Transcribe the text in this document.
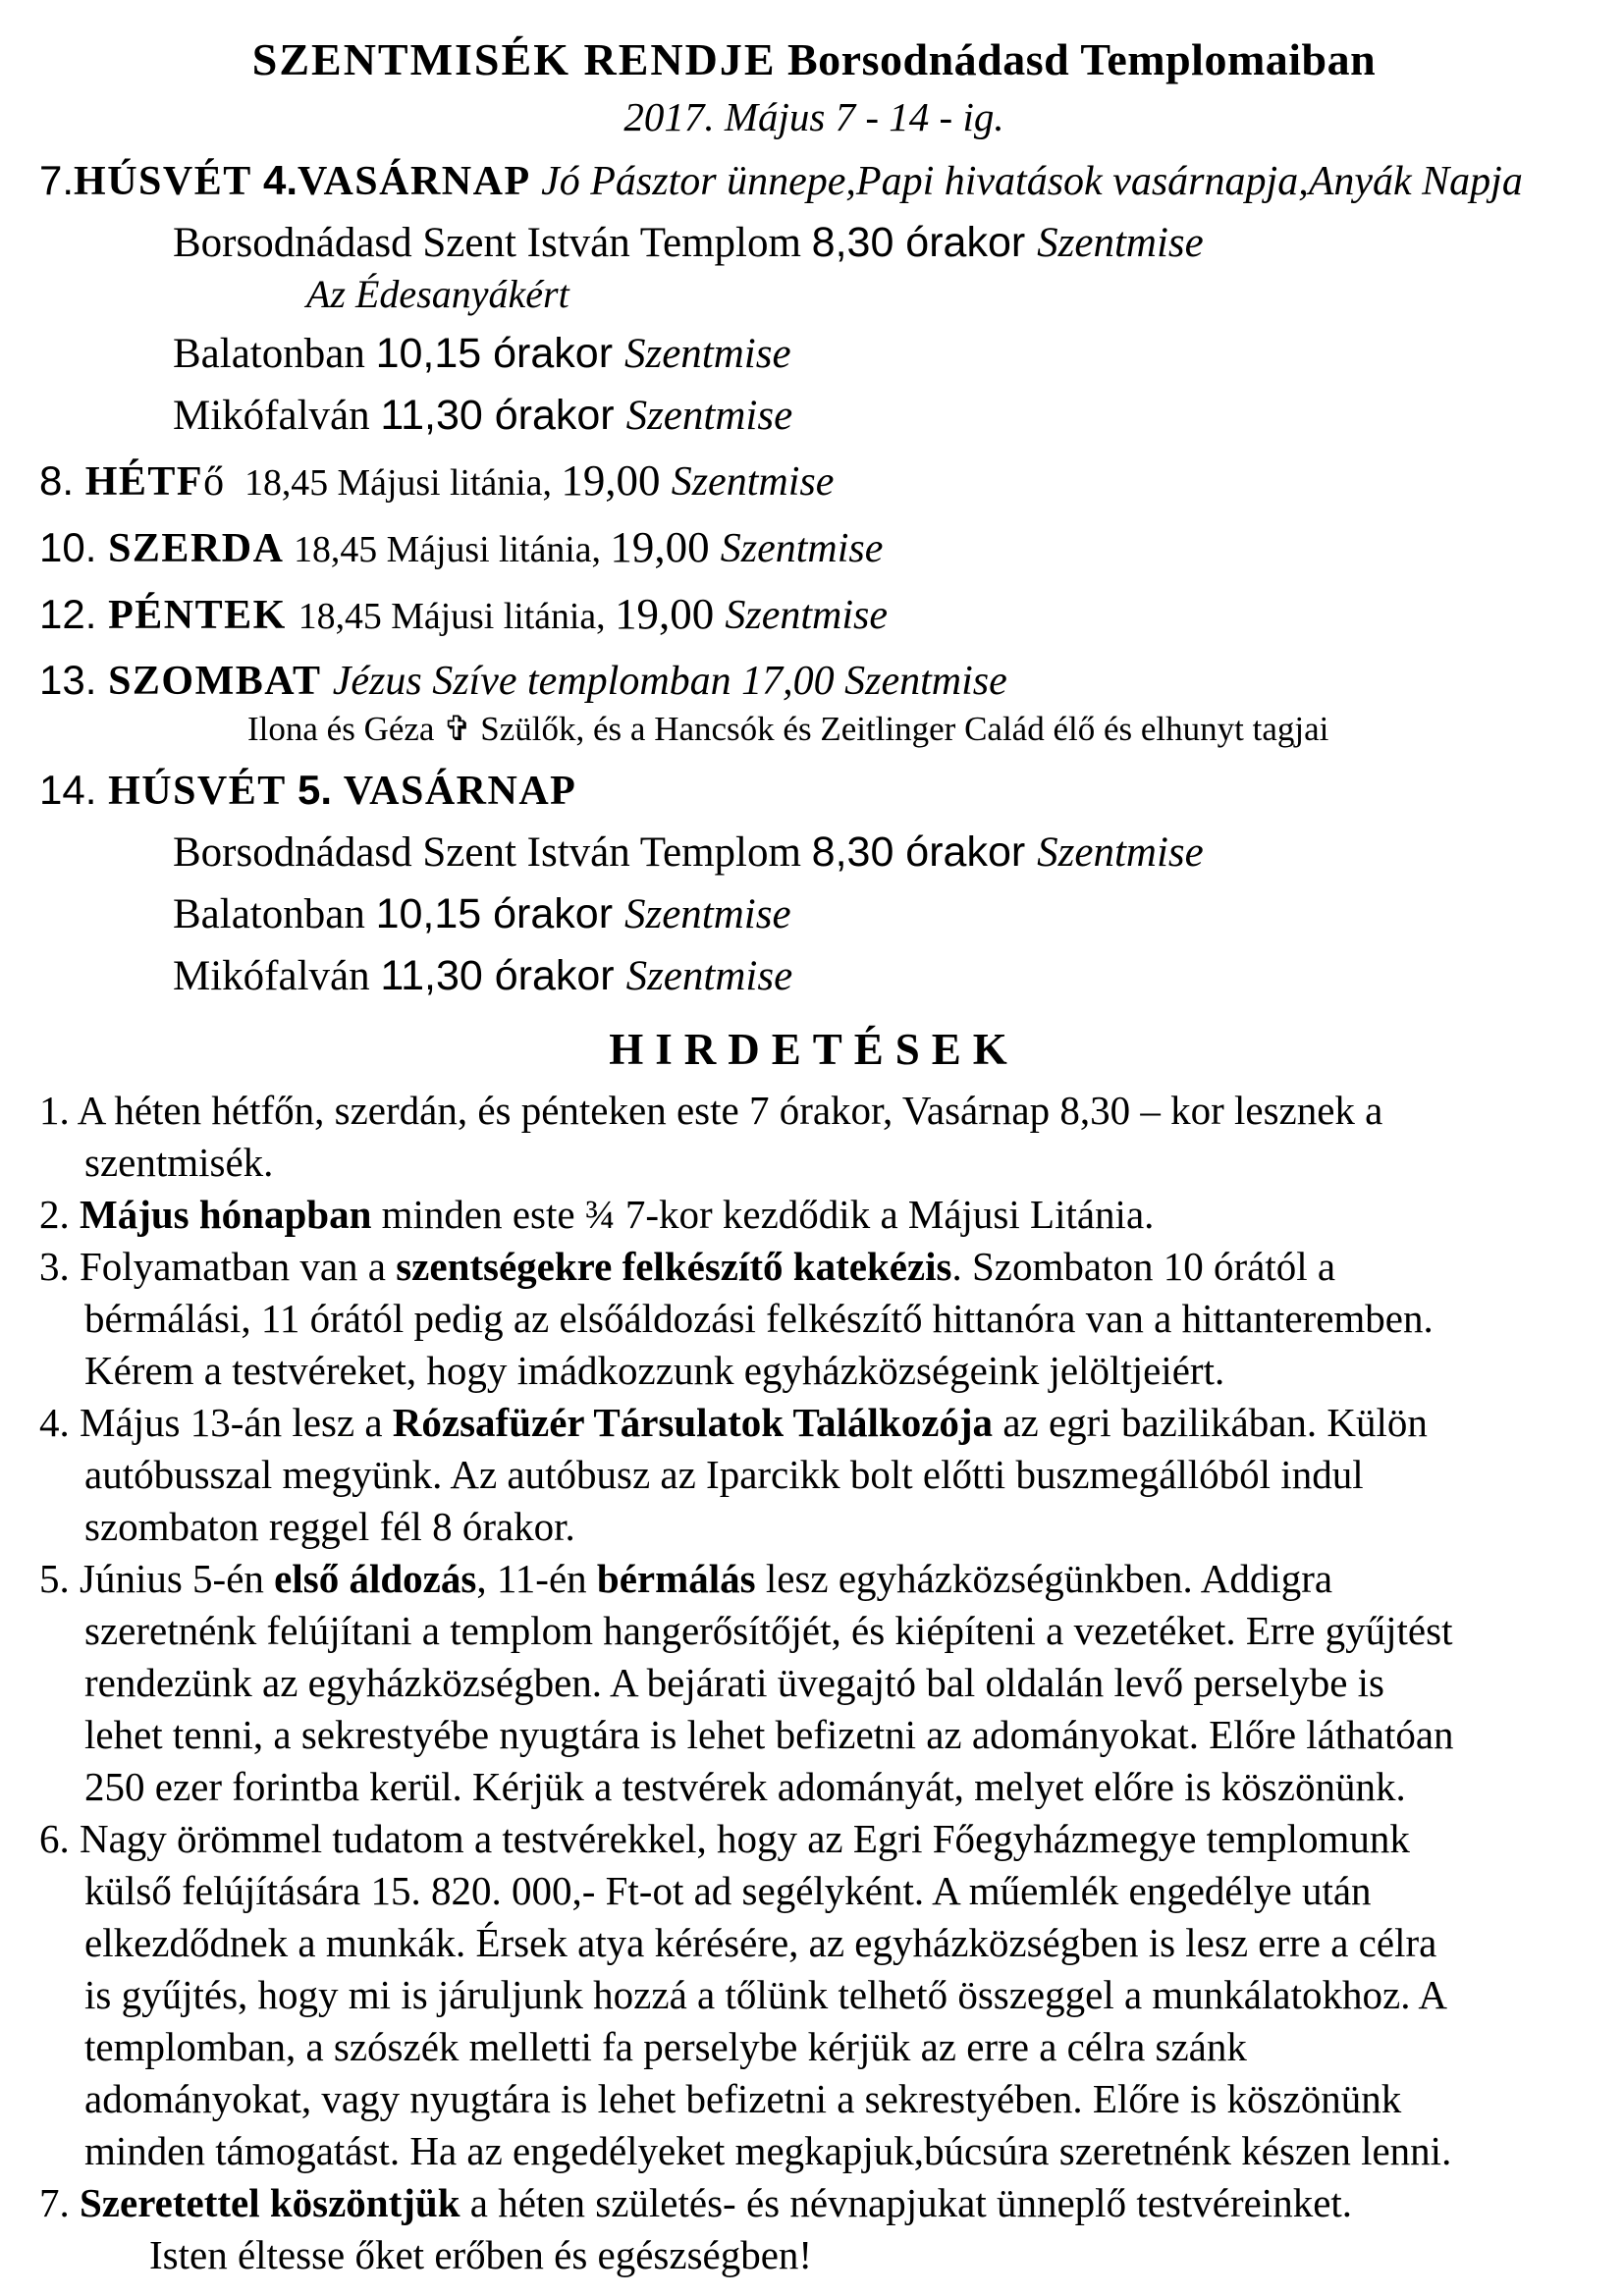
SZENTMISÉK RENDJE Borsodnádasd Templomaiban
2017. Május 7 - 14 - ig.
7.HÚSVÉT 4.VASÁRNAP Jó Pásztor ünnepe,Papi hivatások vasárnapja,Anyák Napja
Borsodnádasd Szent István Templom 8,30 órakor Szentmise
Az Édesanyákért
Balatonban 10,15 órakor Szentmise
Mikófalván 11,30 órakor Szentmise
8. HÉTFő  18,45 Májusi litánia, 19,00 Szentmise
10. SZERDA 18,45 Májusi litánia, 19,00 Szentmise
12. PÉNTEK 18,45 Májusi litánia, 19,00 Szentmise
13. SZOMBAT Jézus Szíve templomban 17,00 Szentmise
Ilona és Géza ✞ Szülők, és a Hancsók és Zeitlinger Calád élő és elhunyt tagjai
14. HÚSVÉT 5. VASÁRNAP
Borsodnádasd Szent István Templom 8,30 órakor Szentmise
Balatonban 10,15 órakor Szentmise
Mikófalván 11,30 órakor Szentmise
HIRDETÉSEK
1. A héten hétfőn, szerdán, és pénteken este 7 órakor, Vasárnap 8,30 – kor lesznek a
szentmisék.
2. Május hónapban minden este ¾ 7-kor kezdődik a Májusi Litánia.
3. Folyamatban van a szentségekre felkészítő katekézis. Szombaton 10 órától a
bérmálási, 11 órától pedig az elsőáldozási felkészítő hittanóra van a hittanteremben.
Kérem a testvéreket, hogy imádkozzunk egyházközségeink jelöltjeiért.
4. Május 13-án lesz a Rózsafüzér Társulatok Találkozója az egri bazilikában. Külön
autóbusszal megyünk. Az autóbusz az Iparcikk bolt előtti buszmegállóból indul
szombaton reggel fél 8 órakor.
5. Június 5-én első áldozás, 11-én bérmálás lesz egyházközségünkben. Addigra
szeretnénk felújítani a templom hangerősítőjét, és kiépíteni a vezetéket. Erre gyűjtést
rendezünk az egyházközségben. A bejárati üvegajtó bal oldalán levő perselybe is
lehet tenni, a sekrestyébe nyugtára is lehet befizetni az adományokat. Előre láthatóan
250 ezer forintba kerül. Kérjük a testvérek adományát, melyet előre is köszönünk.
6. Nagy örömmel tudatom a testvérekkel, hogy az Egri Főegyházmegye templomunk
külső felújítására 15. 820. 000,- Ft-ot ad segélyként. A műemlék engedélye után
elkezdődnek a munkák. Érsek atya kérésére, az egyházközségben is lesz erre a célra
is gyűjtés, hogy mi is járuljunk hozzá a tőlünk telhető összeggel a munkálatokhoz. A
templomban, a szószék melletti fa perselybe kérjük az erre a célra szánk
adományokat, vagy nyugtára is lehet befizetni a sekrestyében. Előre is köszönünk
minden támogatást. Ha az engedélyeket megkapjuk,búcsúra szeretnénk készen lenni.
7. Szeretettel köszöntjük a héten születés- és névnapjukat ünneplő testvéreinket.
Isten éltesse őket erőben és egészségben!
